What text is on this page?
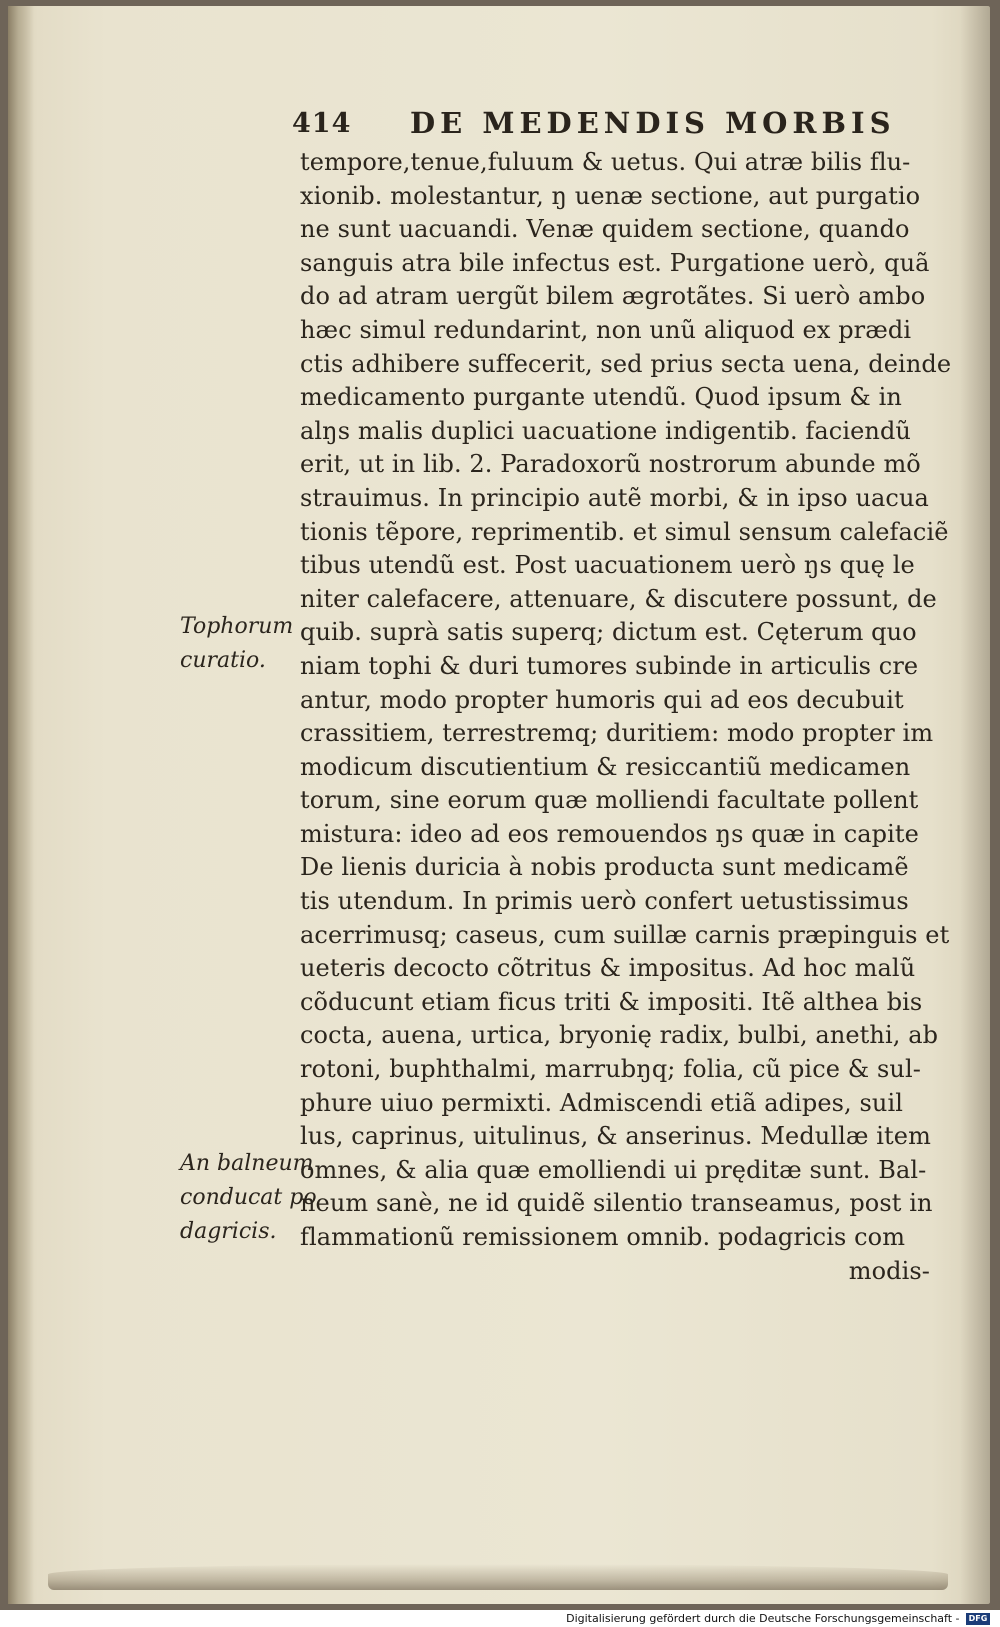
414 DE MEDENDIS MORBIS
tempore,tenue,fuluum & uetus. Qui atræ bilis flu-
xionib. molestantur, ŋ uenæ sectione, aut purgatio
ne sunt uacuandi. Venæ quidem sectione, quando
sanguis atra bile infectus est. Purgatione uerò, quã
do ad atram uergũt bilem ægrotãtes. Si uerò ambo
hæc simul redundarint, non unũ aliquod ex prædi
ctis adhibere suffecerit, sed prius secta uena, deinde
medicamento purgante utendũ. Quod ipsum & in
alŋs malis duplici uacuatione indigentib. faciendũ
erit, ut in lib. 2. Paradoxorũ nostrorum abunde mõ
strauimus. In principio autẽ morbi, & in ipso uacua
tionis tẽpore, reprimentib. et simul sensum calefaciẽ
tibus utendũ est. Post uacuationem uerò ŋs quę le
niter calefacere, attenuare, & discutere possunt, de
quib. suprà satis superq; dictum est. Cęterum quo
niam tophi & duri tumores subinde in articulis cre
antur, modo propter humoris qui ad eos decubuit
crassitiem, terrestremq; duritiem: modo propter im
modicum discutientium & resiccantiũ medicamen
torum, sine eorum quæ molliendi facultate pollent
mistura: ideo ad eos remouendos ŋs quæ in capite
De lienis duricia à nobis producta sunt medicamẽ
tis utendum. In primis uerò confert uetustissimus
acerrimusq; caseus, cum suillæ carnis præpinguis et
ueteris decocto cõtritus & impositus. Ad hoc malũ
cõducunt etiam ficus triti & impositi. Itẽ althea bis
cocta, auena, urtica, bryonię radix, bulbi, anethi, ab
rotoni, buphthalmi, marrubŋq; folia, cũ pice & sul-
phure uiuo permixti. Admiscendi etiã adipes, suil
lus, caprinus, uitulinus, & anserinus. Medullæ item
omnes, & alia quæ emolliendi ui pręditæ sunt. Bal-
neum sanè, ne id quidẽ silentio transeamus, post in
flammationũ remissionem omnib. podagricis com
modis-
Tophorum
curatio.
An balneum
conducat po
dagricis.
Digitalisierung gefördert durch die Deutsche Forschungsgemeinschaft - DFG
